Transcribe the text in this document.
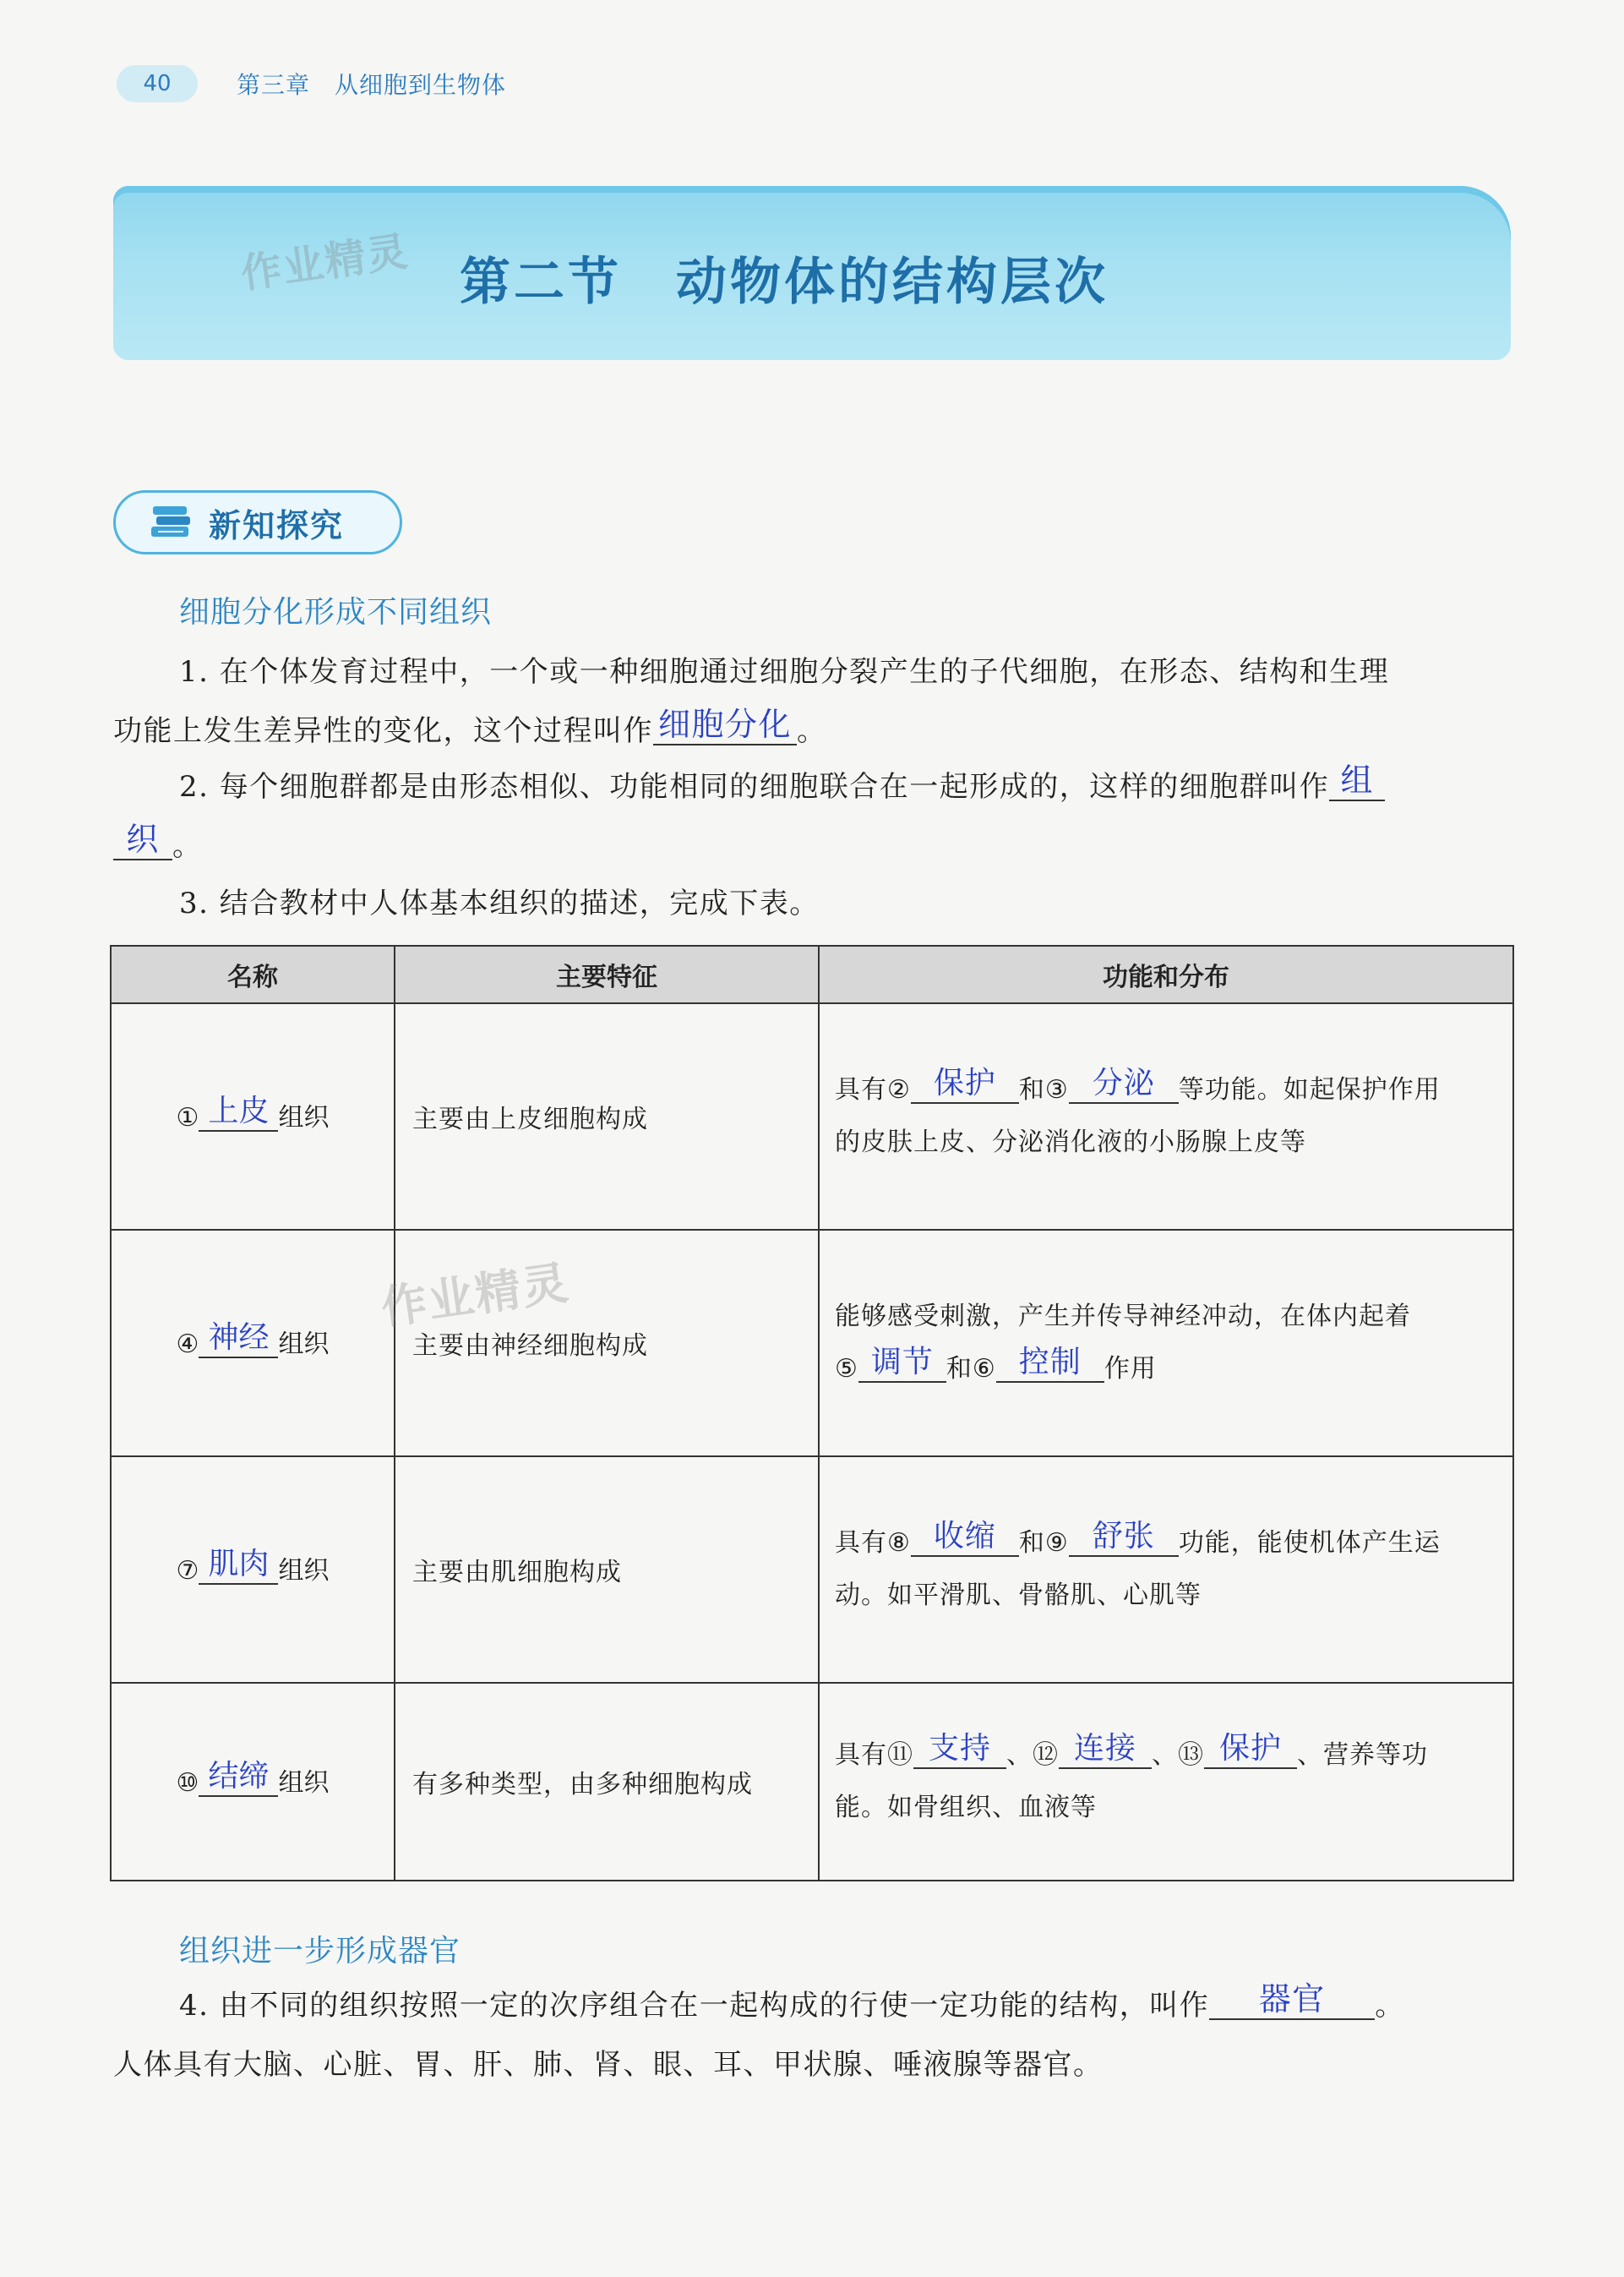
40	第三章　从细胞到生物体
作业精灵 第二节　动物体的结构层次
新知探究
细胞分化形成不同组织
1. 在个体发育过程中，一个或一种细胞通过细胞分裂产生的子代细胞，在形态、结构和生理
功能上发生差异性的变化，这个过程叫作 细胞分化 。
2. 每个细胞群都是由形态相似、功能相同的细胞联合在一起形成的，这样的细胞群叫作 组
织 。
3. 结合教材中人体基本组织的描述，完成下表。
名称	主要特征	功能和分布
① 上皮 组织	主要由上皮细胞构成	具有② 保护 和③ 分泌 等功能。如起保护作用
的皮肤上皮、分泌消化液的小肠腺上皮等

④ 神经 组织	主要由神经细胞构成	能够感受刺激，产生并传导神经冲动，在体内起着
⑤ 调节 和⑥ 控制 作用

⑦ 肌肉 组织	主要由肌细胞构成	具有⑧ 收缩 和⑨ 舒张 功能，能使机体产生运
动。如平滑肌、骨骼肌、心肌等

⑩ 结缔 组织	有多种类型，由多种细胞构成	具有⑪ 支持 、⑫ 连接 、⑬ 保护 、营养等功
能。如骨组织、血液等
作业精灵
组织进一步形成器官
4. 由不同的组织按照一定的次序组合在一起构成的行使一定功能的结构，叫作 器官 。
人体具有大脑、心脏、胃、肝、肺、肾、眼、耳、甲状腺、唾液腺等器官。
